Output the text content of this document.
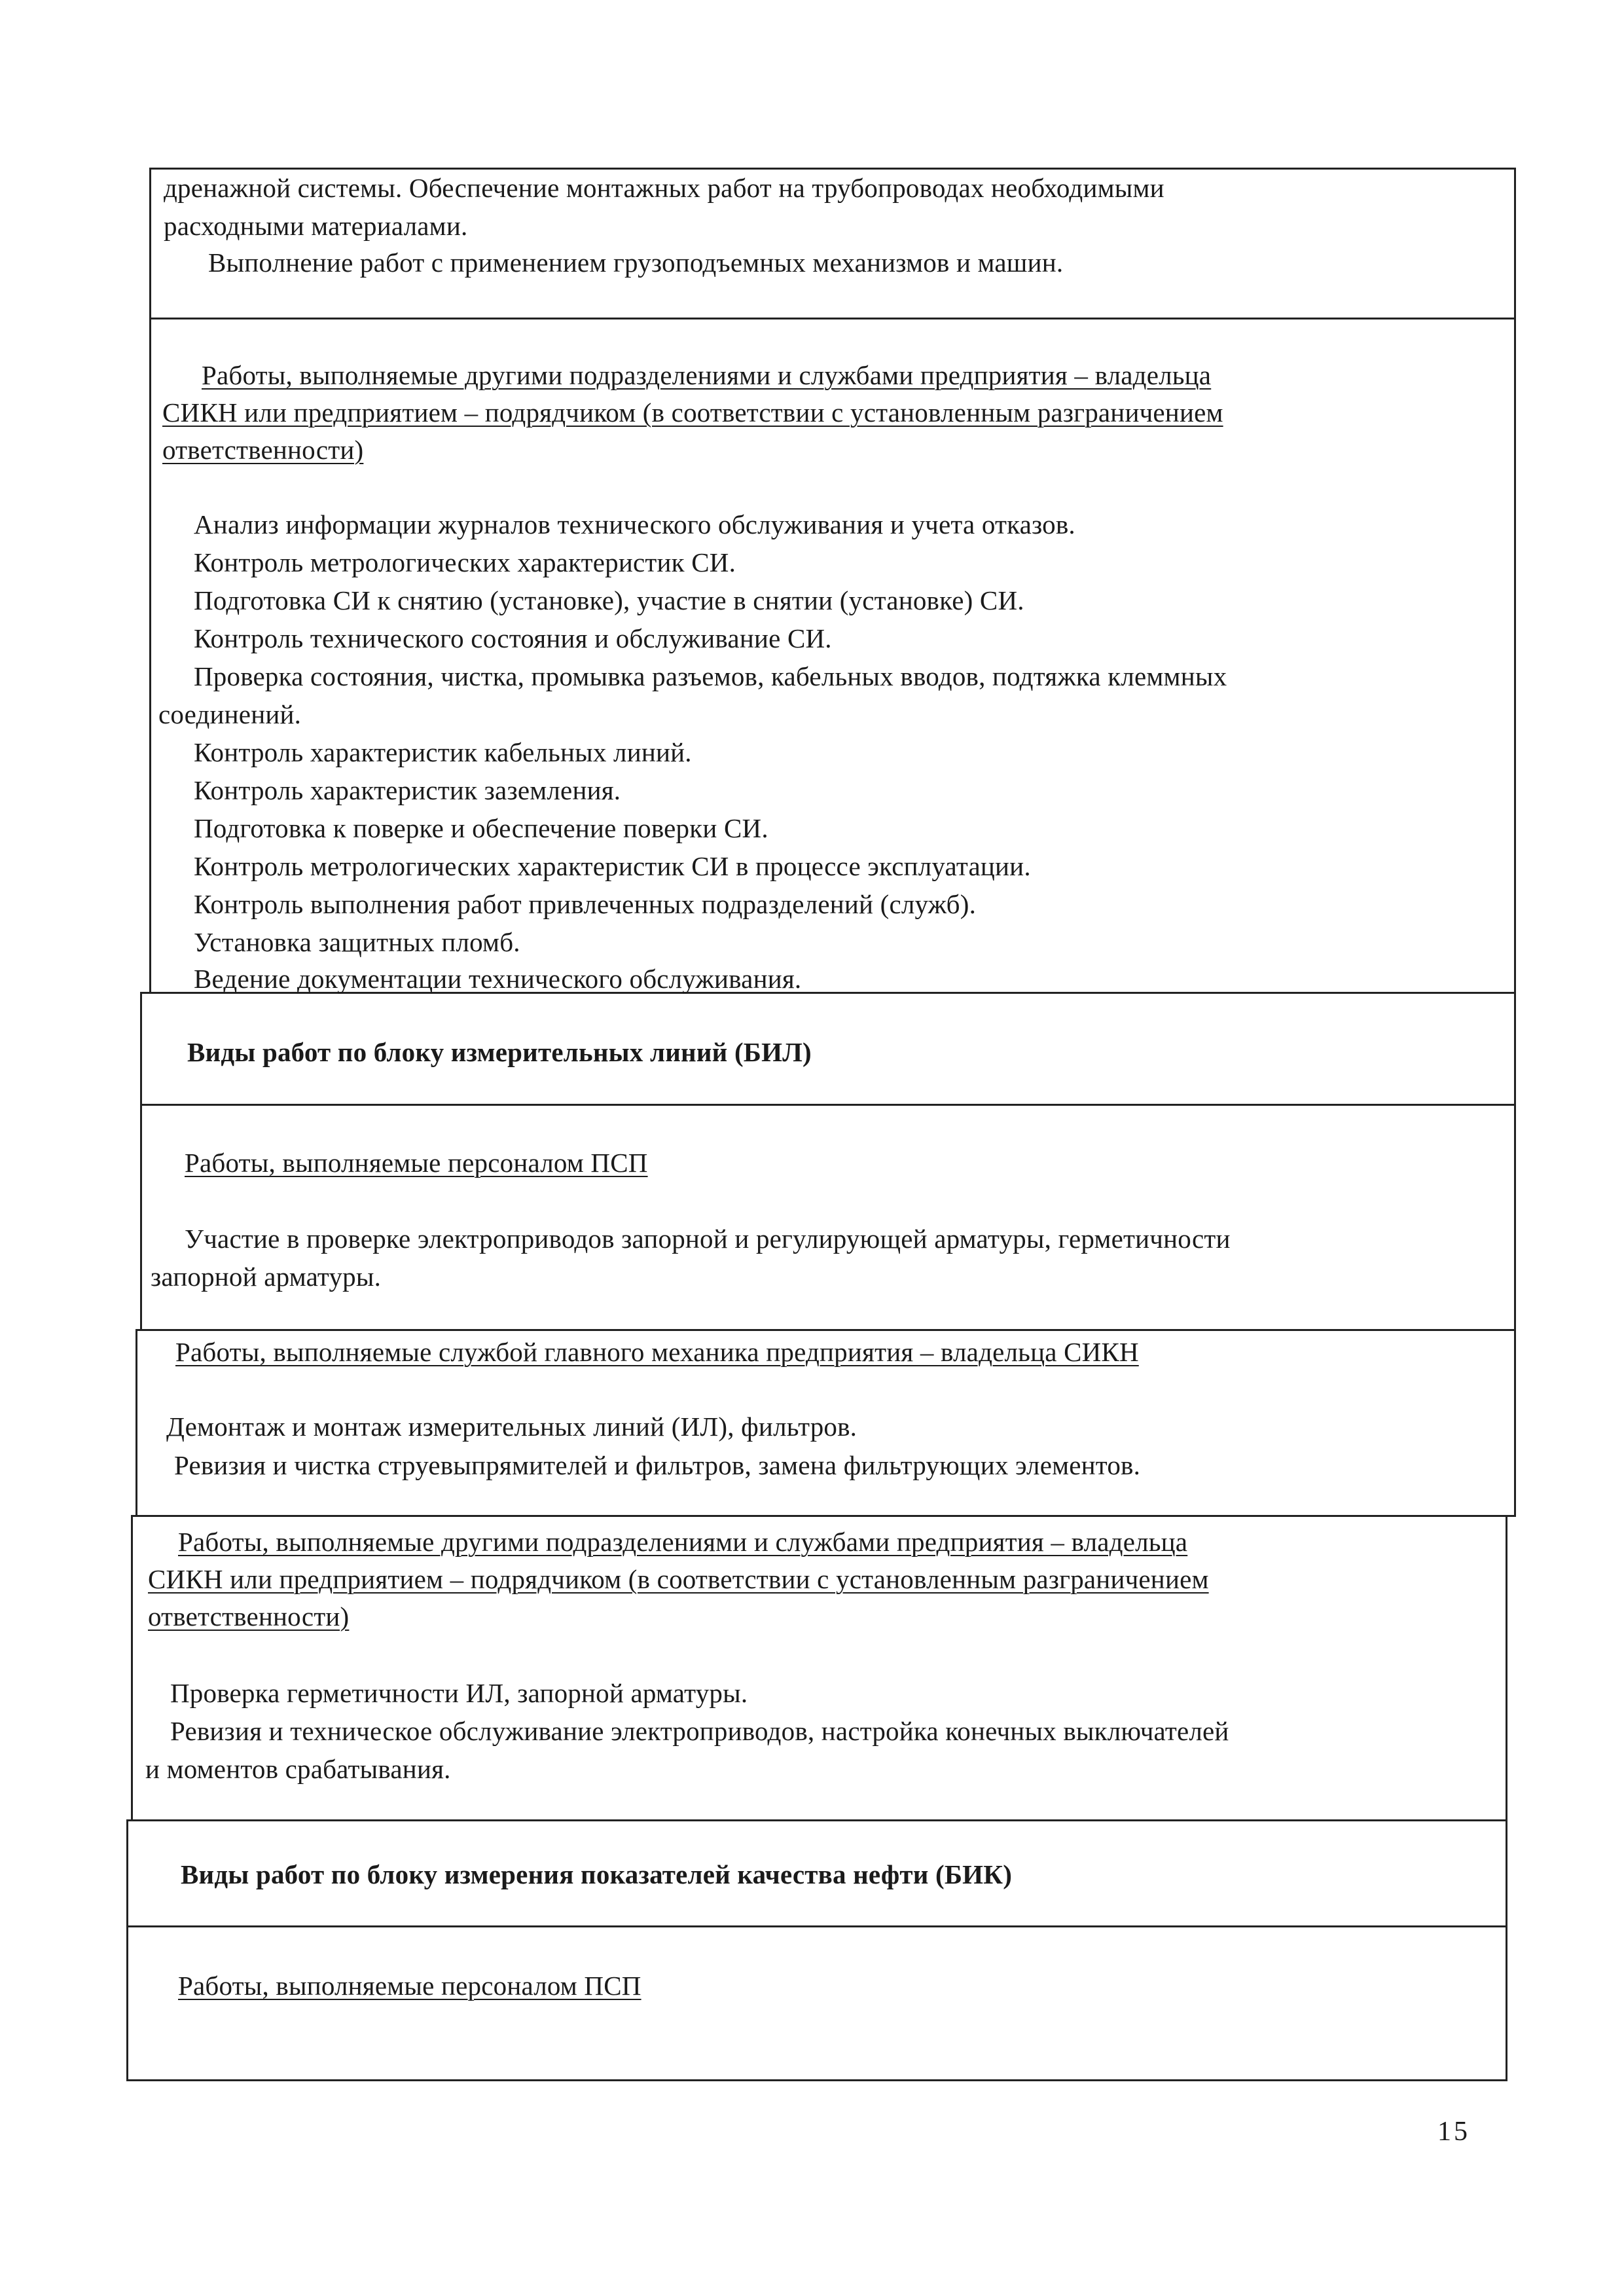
дренажной системы. Обеспечение монтажных работ на трубопроводах необходимыми
расходными материалами.
Выполнение работ с применением грузоподъемных механизмов и машин.
Работы, выполняемые другими подразделениями и службами предприятия – владельца
СИКН или предприятием – подрядчиком (в соответствии с установленным разграничением
ответственности)
Анализ информации журналов технического обслуживания и учета отказов.
Контроль метрологических характеристик СИ.
Подготовка СИ к снятию (установке), участие в снятии (установке) СИ.
Контроль технического состояния и обслуживание СИ.
Проверка состояния, чистка, промывка разъемов, кабельных вводов, подтяжка клеммных
соединений.
Контроль характеристик кабельных линий.
Контроль характеристик заземления.
Подготовка к поверке и обеспечение поверки СИ.
Контроль метрологических характеристик СИ в процессе эксплуатации.
Контроль выполнения работ привлеченных подразделений (служб).
Установка защитных пломб.
Ведение документации технического обслуживания.
Виды работ по блоку измерительных линий (БИЛ)
Работы, выполняемые персоналом ПСП
Участие в проверке электроприводов запорной и регулирующей арматуры, герметичности
запорной арматуры.
Работы, выполняемые службой главного механика предприятия – владельца СИКН
Демонтаж и монтаж измерительных линий (ИЛ), фильтров.
Ревизия и чистка струевыпрямителей и фильтров, замена фильтрующих элементов.
Работы, выполняемые другими подразделениями и службами предприятия – владельца
СИКН или предприятием – подрядчиком (в соответствии с установленным разграничением
ответственности)
Проверка герметичности ИЛ, запорной арматуры.
Ревизия и техническое обслуживание электроприводов, настройка конечных выключателей
и моментов срабатывания.
Виды работ по блоку измерения показателей качества нефти (БИК)
Работы, выполняемые персоналом ПСП
15
